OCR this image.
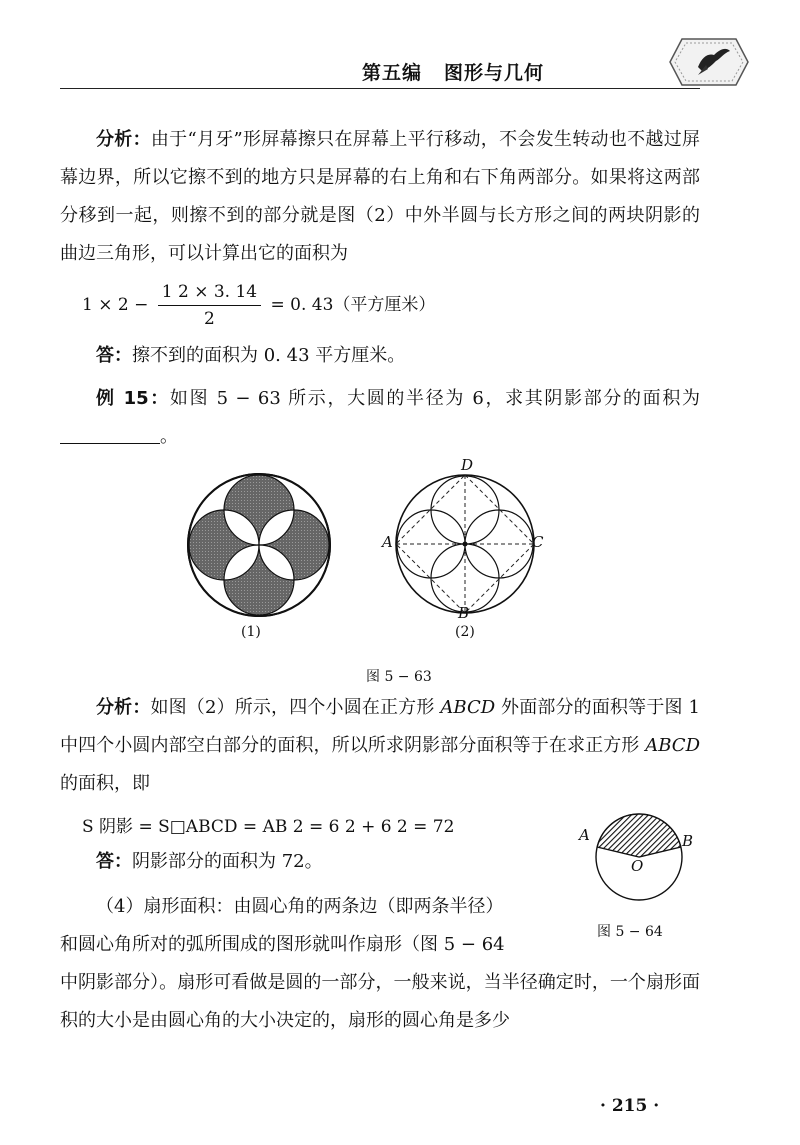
第五编 图形与几何
分析：由于“月牙”形屏幕擦只在屏幕上平行移动，不会发生转动也不越过屏幕边界，所以它擦不到的地方只是屏幕的右上角和右下角两部分。如果将这两部分移到一起，则擦不到的部分就是图（2）中外半圆与长方形之间的两块阴影的曲边三角形，可以计算出它的面积为
$1 \times 2 - \frac{1 2 \times 3. 14}{2} = 0$. 43（平方厘米）
答：擦不到的面积为 0. 43 平方厘米。
例 15：如图 5 − 63 所示，大圆的半径为 6，求其阴影部分的面积为。
(1)
D
A	C
B
(2)
图 5 − 63
分析：如图（2）所示，四个小圆在正方形 ABCD 外面部分的面积等于图 1 中四个小圆内部空白部分的面积，所以所求阴影部分面积等于在求正方形 ABCD 的面积，即
S 阴影 = S□ABCD = AB 2 = 6 2 + 6 2 = 72
答：阴影部分的面积为 72。
A	B
O
图 5 − 64
（4）扇形面积：由圆心角的两条边（即两条半径）
和圆心角所对的弧所围成的图形就叫作扇形（图 5 − 64
中阴影部分）。扇形可看做是圆的一部分，一般来说，当半径确定时，一个扇形面积的大小是由圆心角的大小决定的，扇形的圆心角是多少
· 215 ·
